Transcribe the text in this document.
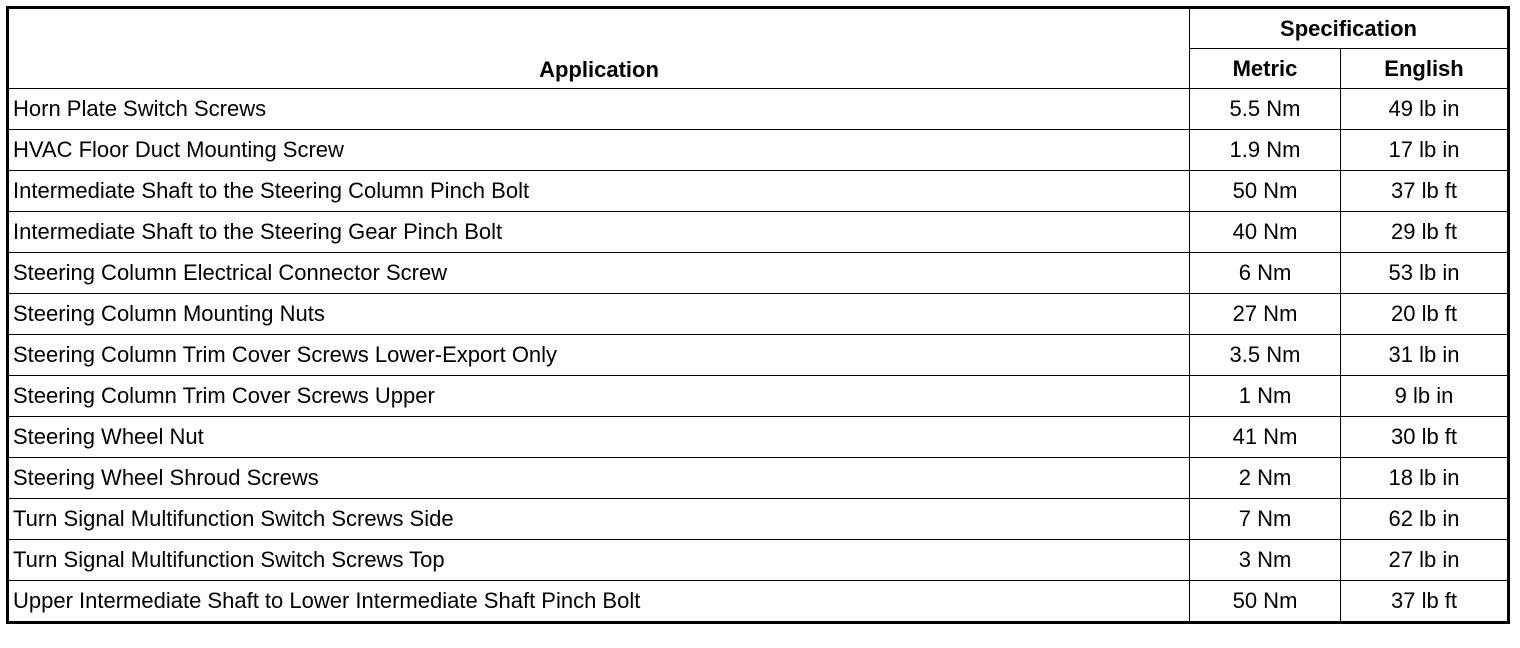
Application	Specification	
	Metric	English
Horn Plate Switch Screws	5.5 Nm	49 lb in
HVAC Floor Duct Mounting Screw	1.9 Nm	17 lb in
Intermediate Shaft to the Steering Column Pinch Bolt	50 Nm	37 lb ft
Intermediate Shaft to the Steering Gear Pinch Bolt	40 Nm	29 lb ft
Steering Column Electrical Connector Screw	6 Nm	53 lb in
Steering Column Mounting Nuts	27 Nm	20 lb ft
Steering Column Trim Cover Screws Lower-Export Only	3.5 Nm	31 lb in
Steering Column Trim Cover Screws Upper	1 Nm	9 lb in
Steering Wheel Nut	41 Nm	30 lb ft
Steering Wheel Shroud Screws	2 Nm	18 lb in
Turn Signal Multifunction Switch Screws Side	7 Nm	62 lb in
Turn Signal Multifunction Switch Screws Top	3 Nm	27 lb in
Upper Intermediate Shaft to Lower Intermediate Shaft Pinch Bolt	50 Nm	37 lb ft
